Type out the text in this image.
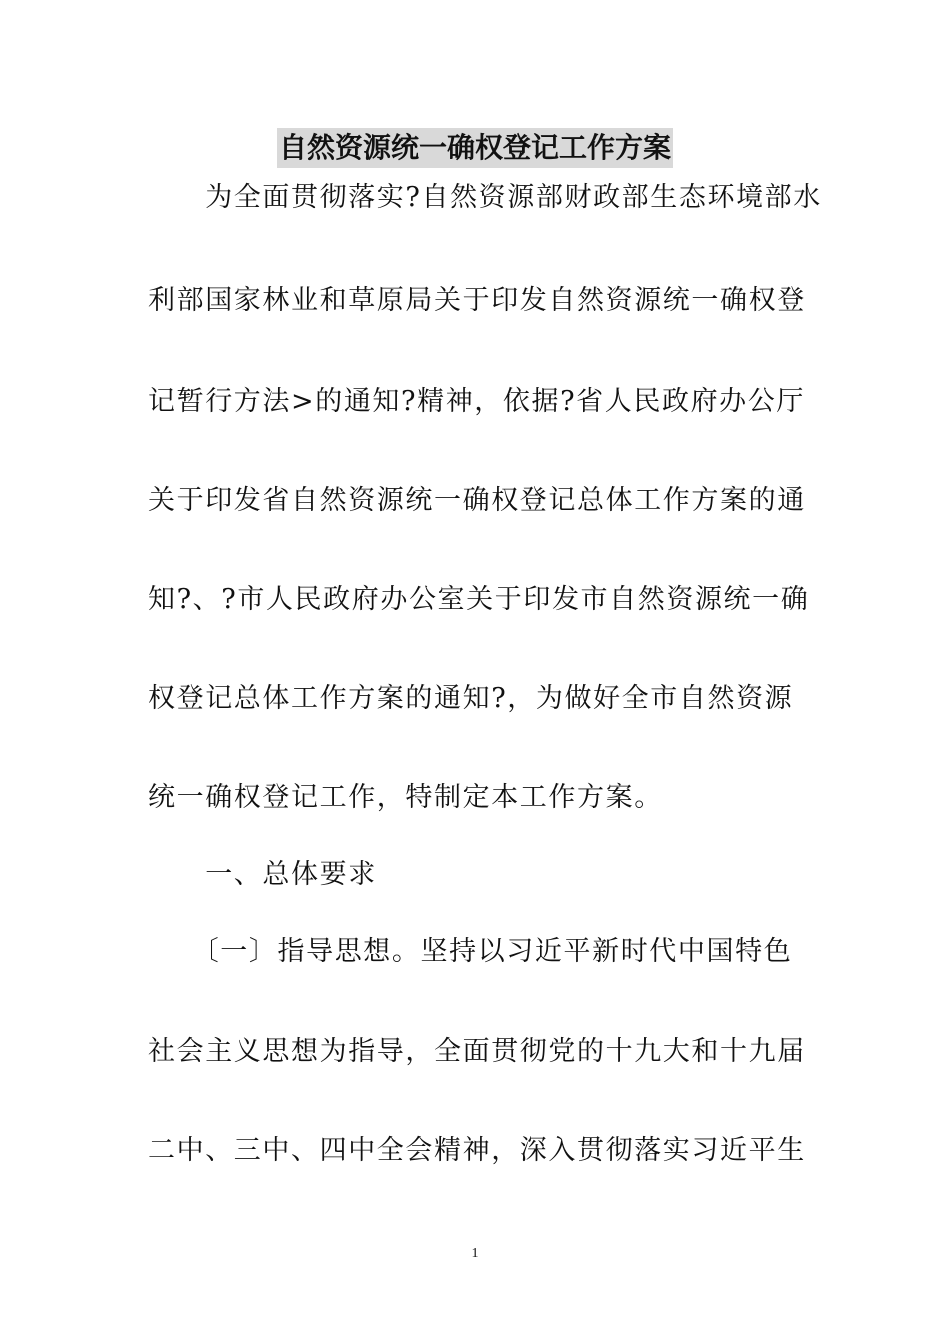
自然资源统一确权登记工作方案
　　为全面贯彻落实?自然资源部财政部生态环境部水
利部国家林业和草原局关于印发自然资源统一确权登
记暂行方法>的通知?精神，依据?省人民政府办公厅
关于印发省自然资源统一确权登记总体工作方案的通
知?、?市人民政府办公室关于印发市自然资源统一确
权登记总体工作方案的通知?，为做好全市自然资源
统一确权登记工作，特制定本工作方案。
　　一、总体要求
　　〔一〕指导思想。坚持以习近平新时代中国特色
社会主义思想为指导，全面贯彻党的十九大和十九届
二中、三中、四中全会精神，深入贯彻落实习近平生
1
